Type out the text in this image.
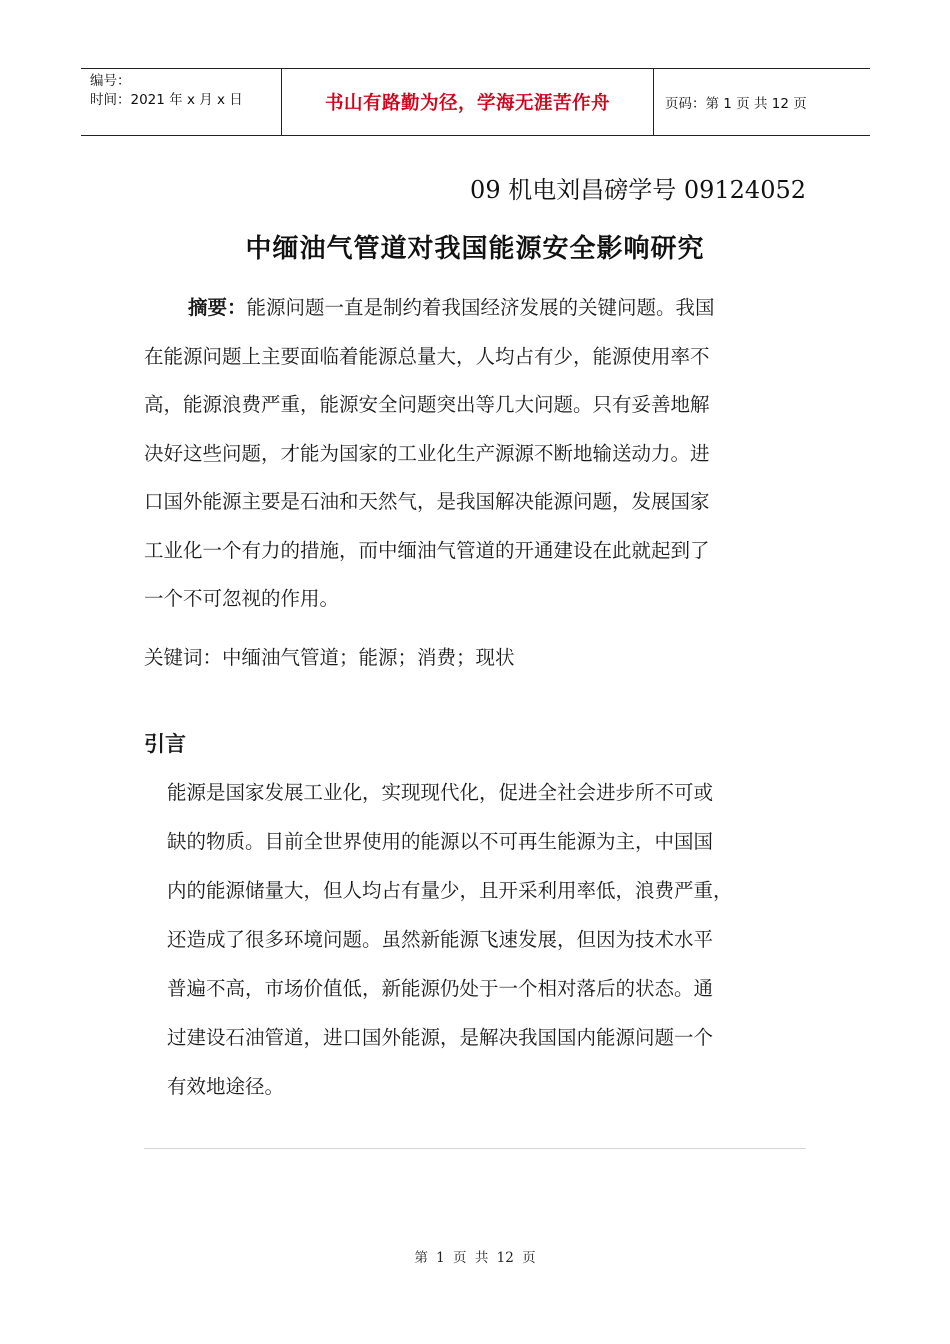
编号：
时间：2021 年 x 月 x 日	书山有路勤为径，学海无涯苦作舟	页码：第 1 页 共 12 页
09 机电刘昌磅学号 09124052
中缅油气管道对我国能源安全影响研究
摘要：能源问题一直是制约着我国经济发展的关键问题。我国
在能源问题上主要面临着能源总量大，人均占有少，能源使用率不
高，能源浪费严重，能源安全问题突出等几大问题。只有妥善地解
决好这些问题，才能为国家的工业化生产源源不断地输送动力。进
口国外能源主要是石油和天然气，是我国解决能源问题，发展国家
工业化一个有力的措施，而中缅油气管道的开通建设在此就起到了
一个不可忽视的作用。
关键词：中缅油气管道；能源；消费；现状
引言
能源是国家发展工业化，实现现代化，促进全社会进步所不可或
缺的物质。目前全世界使用的能源以不可再生能源为主，中国国
内的能源储量大，但人均占有量少，且开采利用率低，浪费严重，
还造成了很多环境问题。虽然新能源飞速发展，但因为技术水平
普遍不高，市场价值低，新能源仍处于一个相对落后的状态。通
过建设石油管道，进口国外能源，是解决我国国内能源问题一个
有效地途径。
第 1 页 共 12 页
